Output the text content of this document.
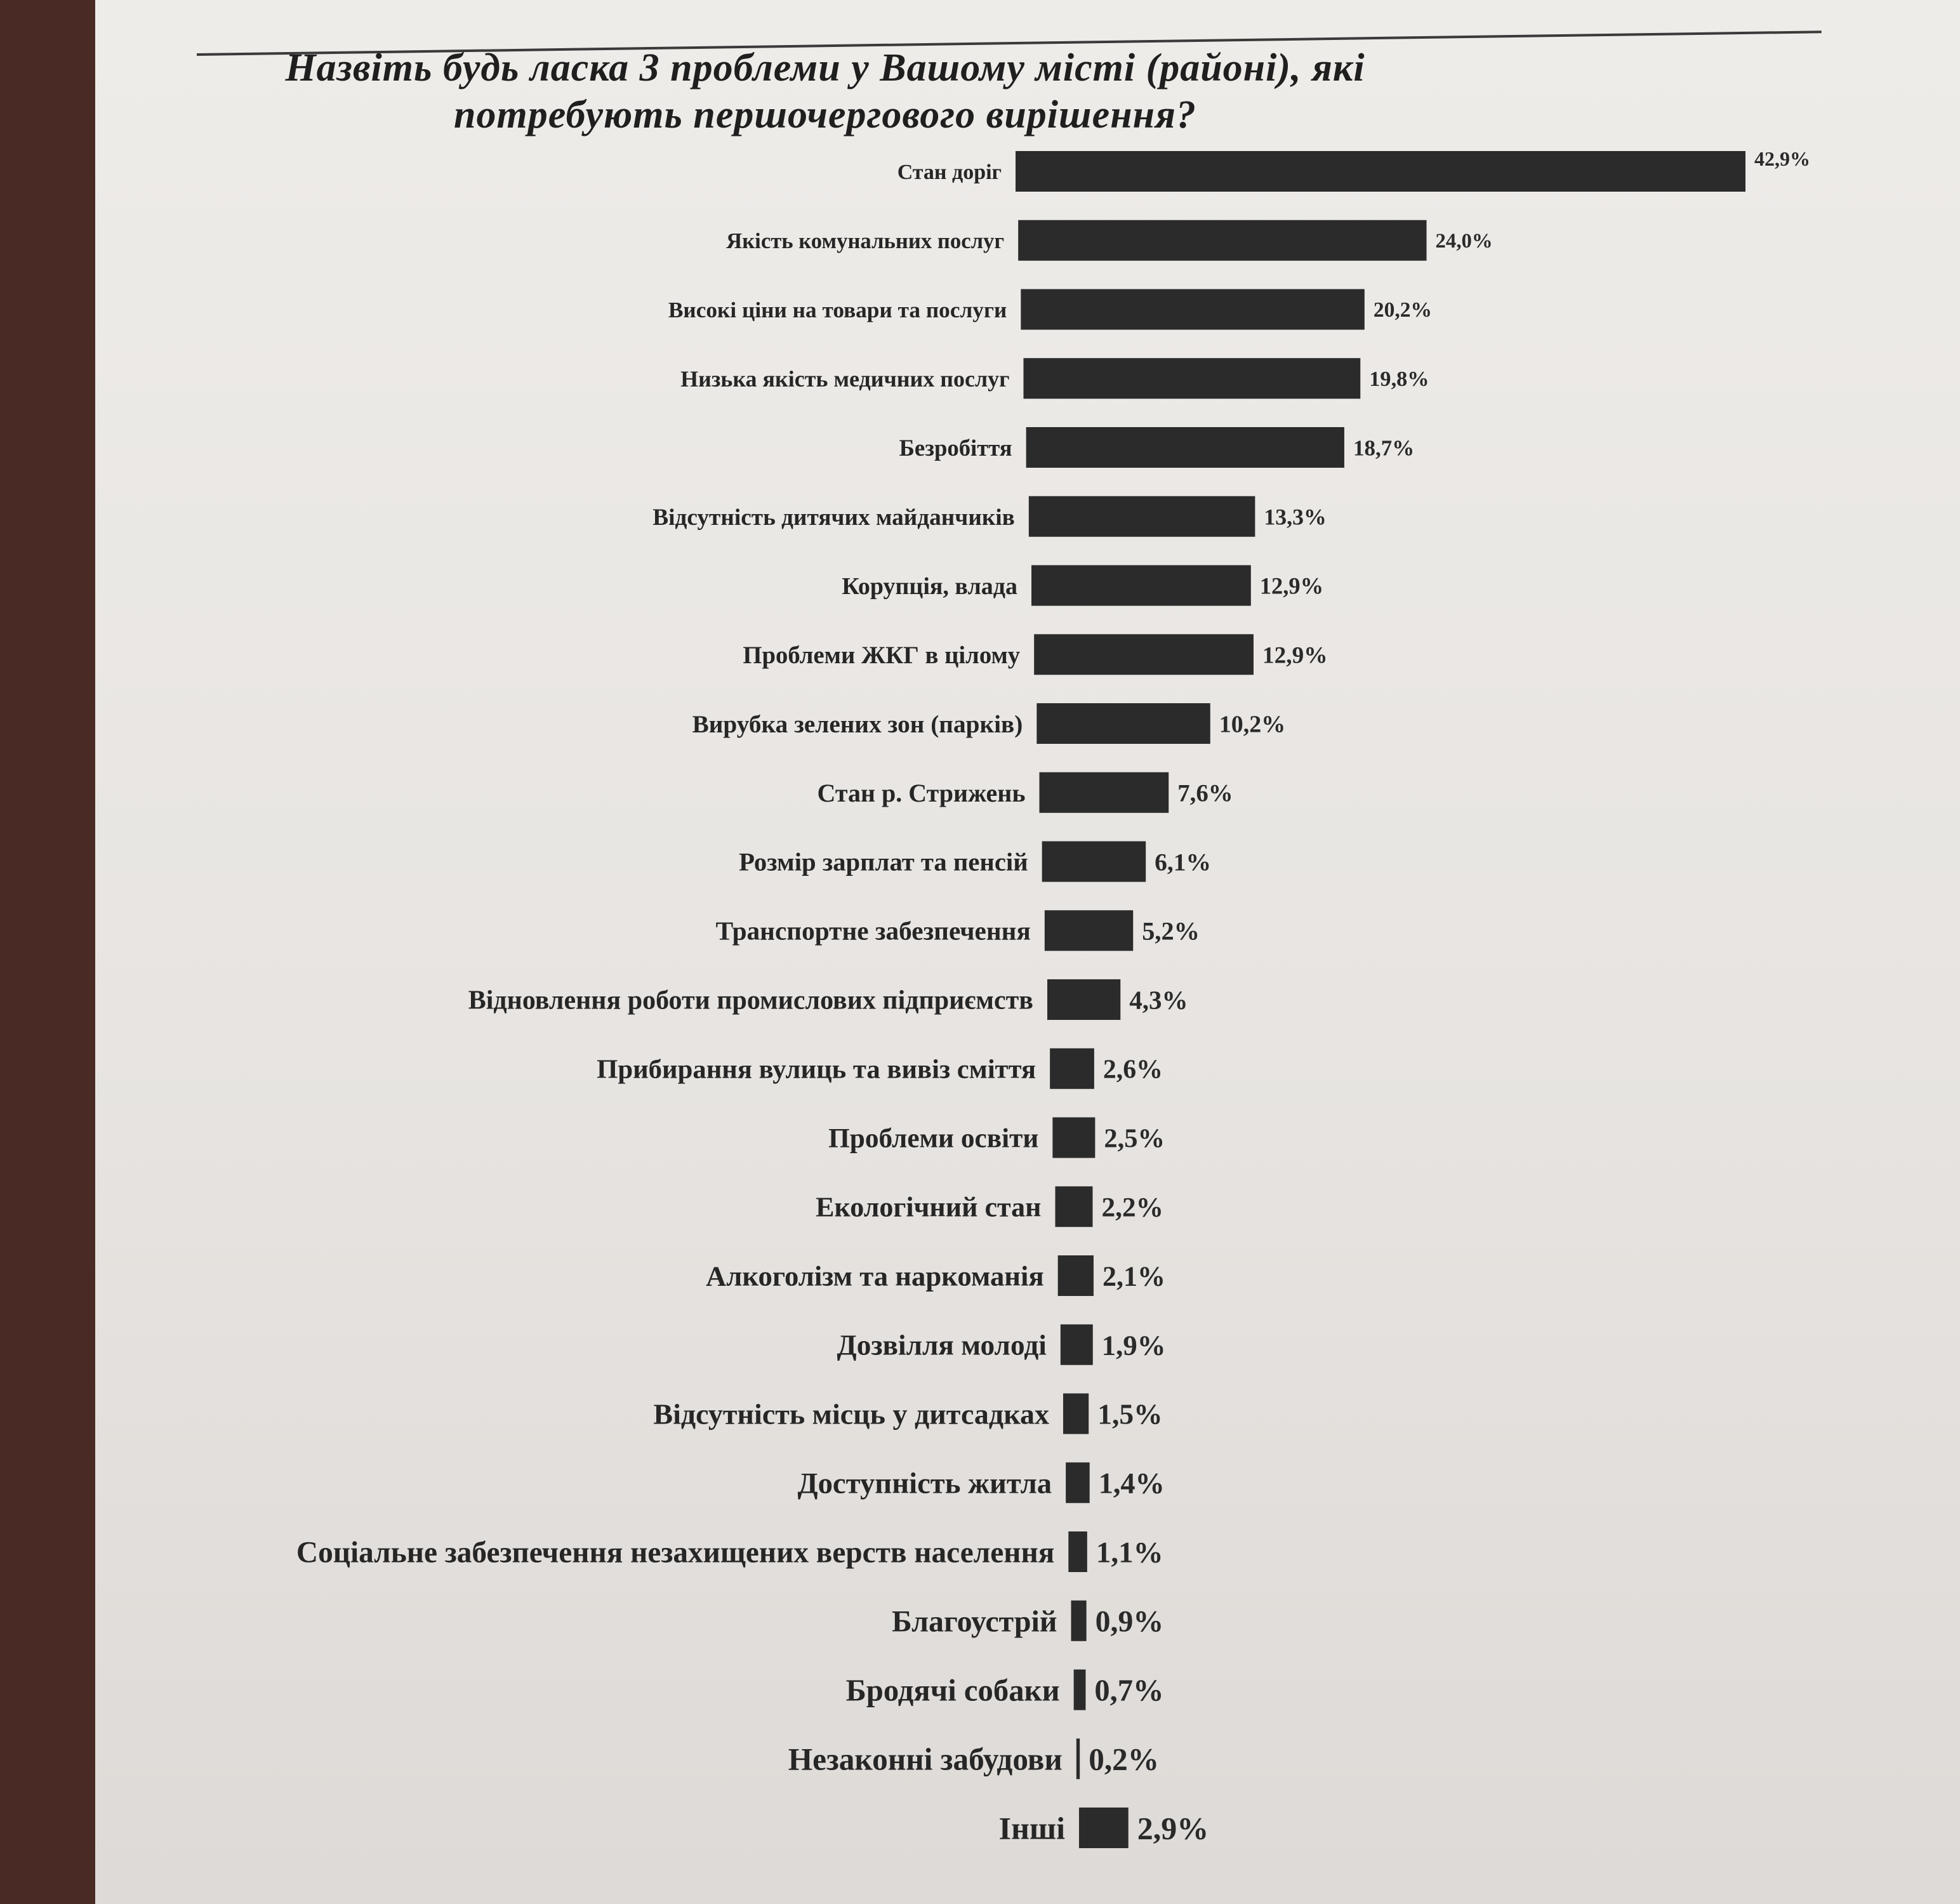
Назвіть будь ласка 3 проблеми у Вашому місті (районі), які потребують першочергового вирішення?
Стан доріг
42,9%
Якість комунальних послуг	24,0%
Високі ціни на товари та послуги	20,2%
Низька якість медичних послуг	19,8%
Безробіття	18,7%
Відсутність дитячих майданчиків	13,3%
Корупція, влада	12,9%
Проблеми ЖКГ в цілому	12,9%
Вирубка зелених зон (парків)	10,2%
Стан р. Стрижень	7,6%
Розмір зарплат та пенсій	6,1%
Транспортне забезпечення	5,2%
Відновлення роботи промислових підприємств	4,3%
Прибирання вулиць та вивіз сміття	2,6%
Проблеми освіти 2,5%
Екологічний стан 2,2%
Алкоголізм та наркоманія 2,1%
Дозвілля молоді 1,9%
Відсутність місць у дитсадках 1,5%
Доступність житла 1,4%
Соціальне забезпечення незахищених верств населення 1,1%
Благоустрій 0,9%
Бродячі собаки 0,7%
Незаконні забудови 0,2%
Інші 2,9%
